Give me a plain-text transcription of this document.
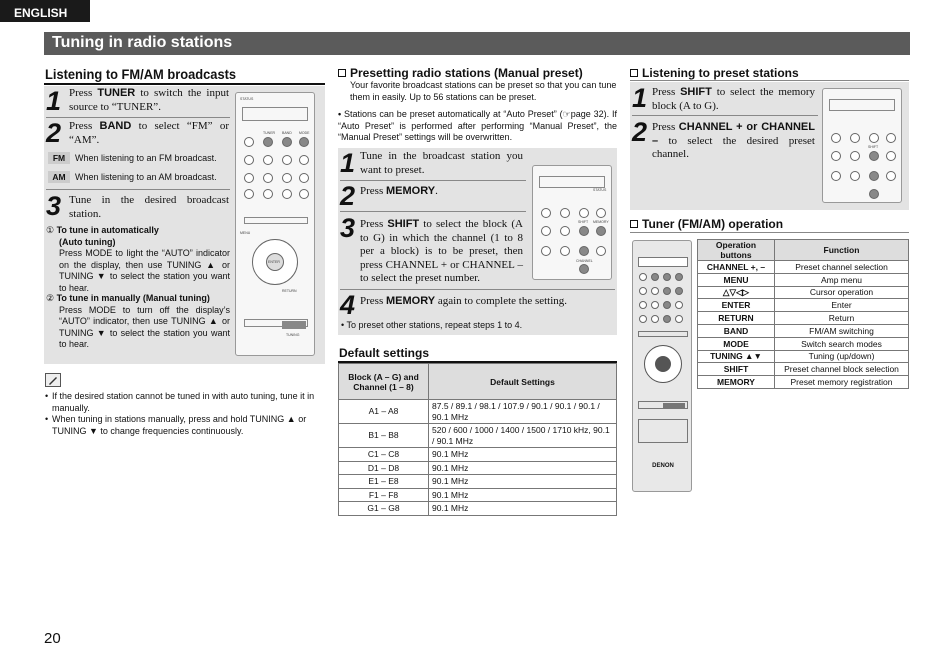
ENGLISH
Tuning in radio stations
Listening to FM/AM broadcasts
1 Press TUNER to switch the input source to “TUNER”.
2 Press BAND to select “FM” or “AM”.
FM	When listening to an FM broadcast.
AM	When listening to an AM broadcast.
3 Tune in the desired broadcast station.
① To tune in automatically
(Auto tuning)
Press MODE to light the “AUTO” indicator on the display, then use TUNING ▲ or TUNING ▼ to select the station you want to hear.
② To tune in manually (Manual tuning)
Press MODE to turn off the display’s “AUTO” indicator, then use TUNING ▲ or TUNING ▼ to select the station you want to hear.
STATUS
TUNER BAND MODE
MENU
ENTER
RETURN
TUNING
• If the desired station cannot be tuned in with auto tuning, tune it in manually.
• When tuning in stations manually, press and hold TUNING ▲ or TUNING ▼ to change frequencies continuously.
Presetting radio stations (Manual preset)
Your favorite broadcast stations can be preset so that you can tune them in easily. Up to 56 stations can be preset.
• Stations can be preset automatically at “Auto Preset” (☞page 32). If “Auto Preset” is performed after performing “Manual Preset”, the “Manual Preset” settings will be overwritten.
1 Tune in the broadcast station you want to preset.
2 Press MEMORY.
3 Press SHIFT to select the block (A to G) in which the channel (1 to 8 per a block) is to be preset, then press CHANNEL + or CHANNEL – to select the preset number.
4 Press MEMORY again to complete the setting.
• To preset other stations, repeat steps 1 to 4.
STATUS
SHIFT MEMORY
CHANNEL
Default settings
Block (A – G) and Channel (1 – 8)	Default Settings
A1 – A8	87.5 / 89.1 / 98.1 / 107.9 / 90.1 / 90.1 / 90.1 / 90.1 MHz
B1 – B8	520 / 600 / 1000 / 1400 / 1500 / 1710 kHz, 90.1 / 90.1 MHz
C1 – C8	90.1 MHz
D1 – D8	90.1 MHz
E1 – E8	90.1 MHz
F1 – F8	90.1 MHz
G1 – G8	90.1 MHz
Listening to preset stations
1 Press SHIFT to select the memory block (A to G).
2 Press CHANNEL + or CHANNEL – to select the desired preset channel.
SHIFT
Tuner (FM/AM) operation
DENON
Operation buttons	Function
CHANNEL +, –	Preset channel selection
MENU	Amp menu
△▽◁▷	Cursor operation
ENTER	Enter
RETURN	Return
BAND	FM/AM switching
MODE	Switch search modes
TUNING ▲▼	Tuning (up/down)
SHIFT	Preset channel block selection
MEMORY	Preset memory registration
20
